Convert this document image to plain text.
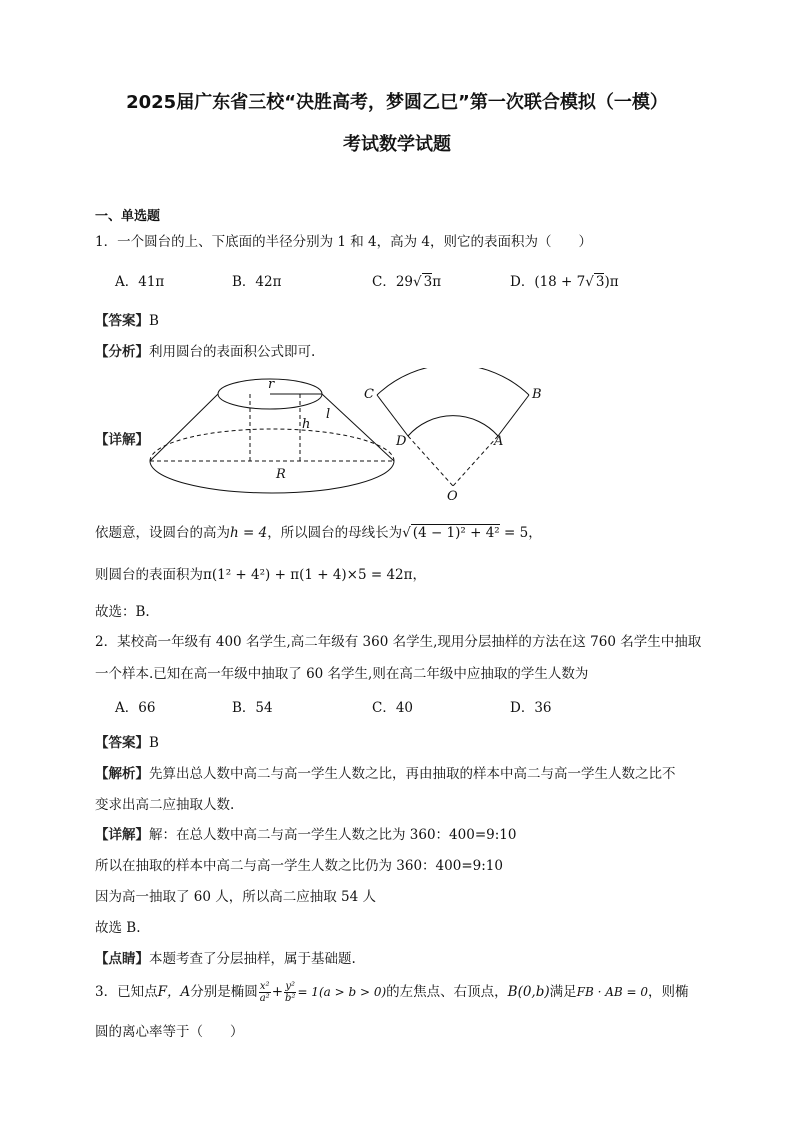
2025届广东省三校“决胜高考，梦圆乙巳”第一次联合模拟（一模）
考试数学试题
一、单选题
1．一个圆台的上、下底面的半径分别为 1 和 4，高为 4，则它的表面积为（　　）
A．41π	B．42π	C．29√ 3π	D．(18 + 7√ 3)π
【答案】B
【分析】利用圆台的表面积公式即可.
【详解】
r
h
l
R
C	B
D	A
O
依题意，设圆台的高为h = 4，所以圆台的母线长为√ (4 − 1)² + 4² = 5，
则圆台的表面积为π(1² + 4²) + π(1 + 4)×5 = 42π，
故选：B.
2．某校高一年级有 400 名学生,高二年级有 360 名学生,现用分层抽样的方法在这 760 名学生中抽取
一个样本.已知在高一年级中抽取了 60 名学生,则在高二年级中应抽取的学生人数为
A．66	B．54	C．40	D．36
【答案】B
【解析】先算出总人数中高二与高一学生人数之比，再由抽取的样本中高二与高一学生人数之比不
变求出高二应抽取人数.
【详解】解：在总人数中高二与高一学生人数之比为 360：400=9:10
所以在抽取的样本中高二与高一学生人数之比仍为 360：400=9:10
因为高一抽取了 60 人，所以高二应抽取 54 人
故选 B.
【点睛】本题考查了分层抽样，属于基础题.
3．已知点F，A分别是椭圆 $\frac{\text{x²}}{\text{a²}} + \frac{\text{y²}}{\text{b²}} = 1(a > b > 0)$的左焦点、右顶点，B(0,b)满足FB · AB = 0，则椭
圆的离心率等于（　　）
